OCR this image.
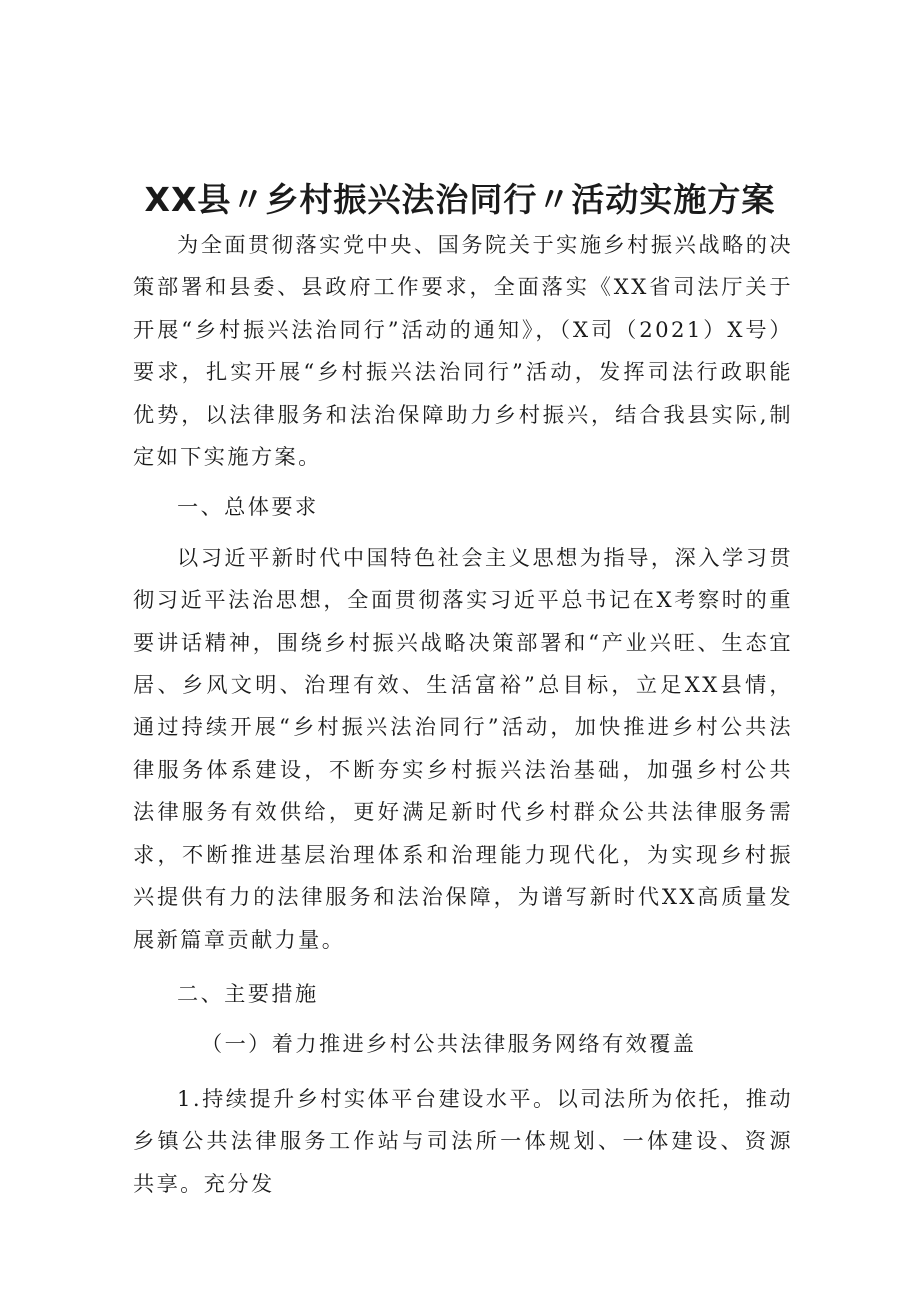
XX县〃乡村振兴法治同行〃活动实施方案

为全面贯彻落实党中央、国务院关于实施乡村振兴战略的决策部署和县委、县政府工作要求，全面落实《XX省司法厅关于开展“乡村振兴法治同行”活动的通知》，（X司（2021）X号）要求，扎实开展“乡村振兴法治同行”活动，发挥司法行政职能优势，以法律服务和法治保障助力乡村振兴，结合我县实际,制定如下实施方案。

一、总体要求

以习近平新时代中国特色社会主义思想为指导，深入学习贯彻习近平法治思想，全面贯彻落实习近平总书记在X考察时的重要讲话精神，围绕乡村振兴战略决策部署和“产业兴旺、生态宜居、乡风文明、治理有效、生活富裕”总目标，立足XX县情，通过持续开展“乡村振兴法治同行”活动，加快推进乡村公共法律服务体系建设，不断夯实乡村振兴法治基础，加强乡村公共法律服务有效供给，更好满足新时代乡村群众公共法律服务需求，不断推进基层治理体系和治理能力现代化，为实现乡村振兴提供有力的法律服务和法治保障，为谱写新时代XX高质量发展新篇章贡献力量。

二、主要措施

（一）着力推进乡村公共法律服务网络有效覆盖

1.持续提升乡村实体平台建设水平。以司法所为依托，推动乡镇公共法律服务工作站与司法所一体规划、一体建设、资源共享。充分发
